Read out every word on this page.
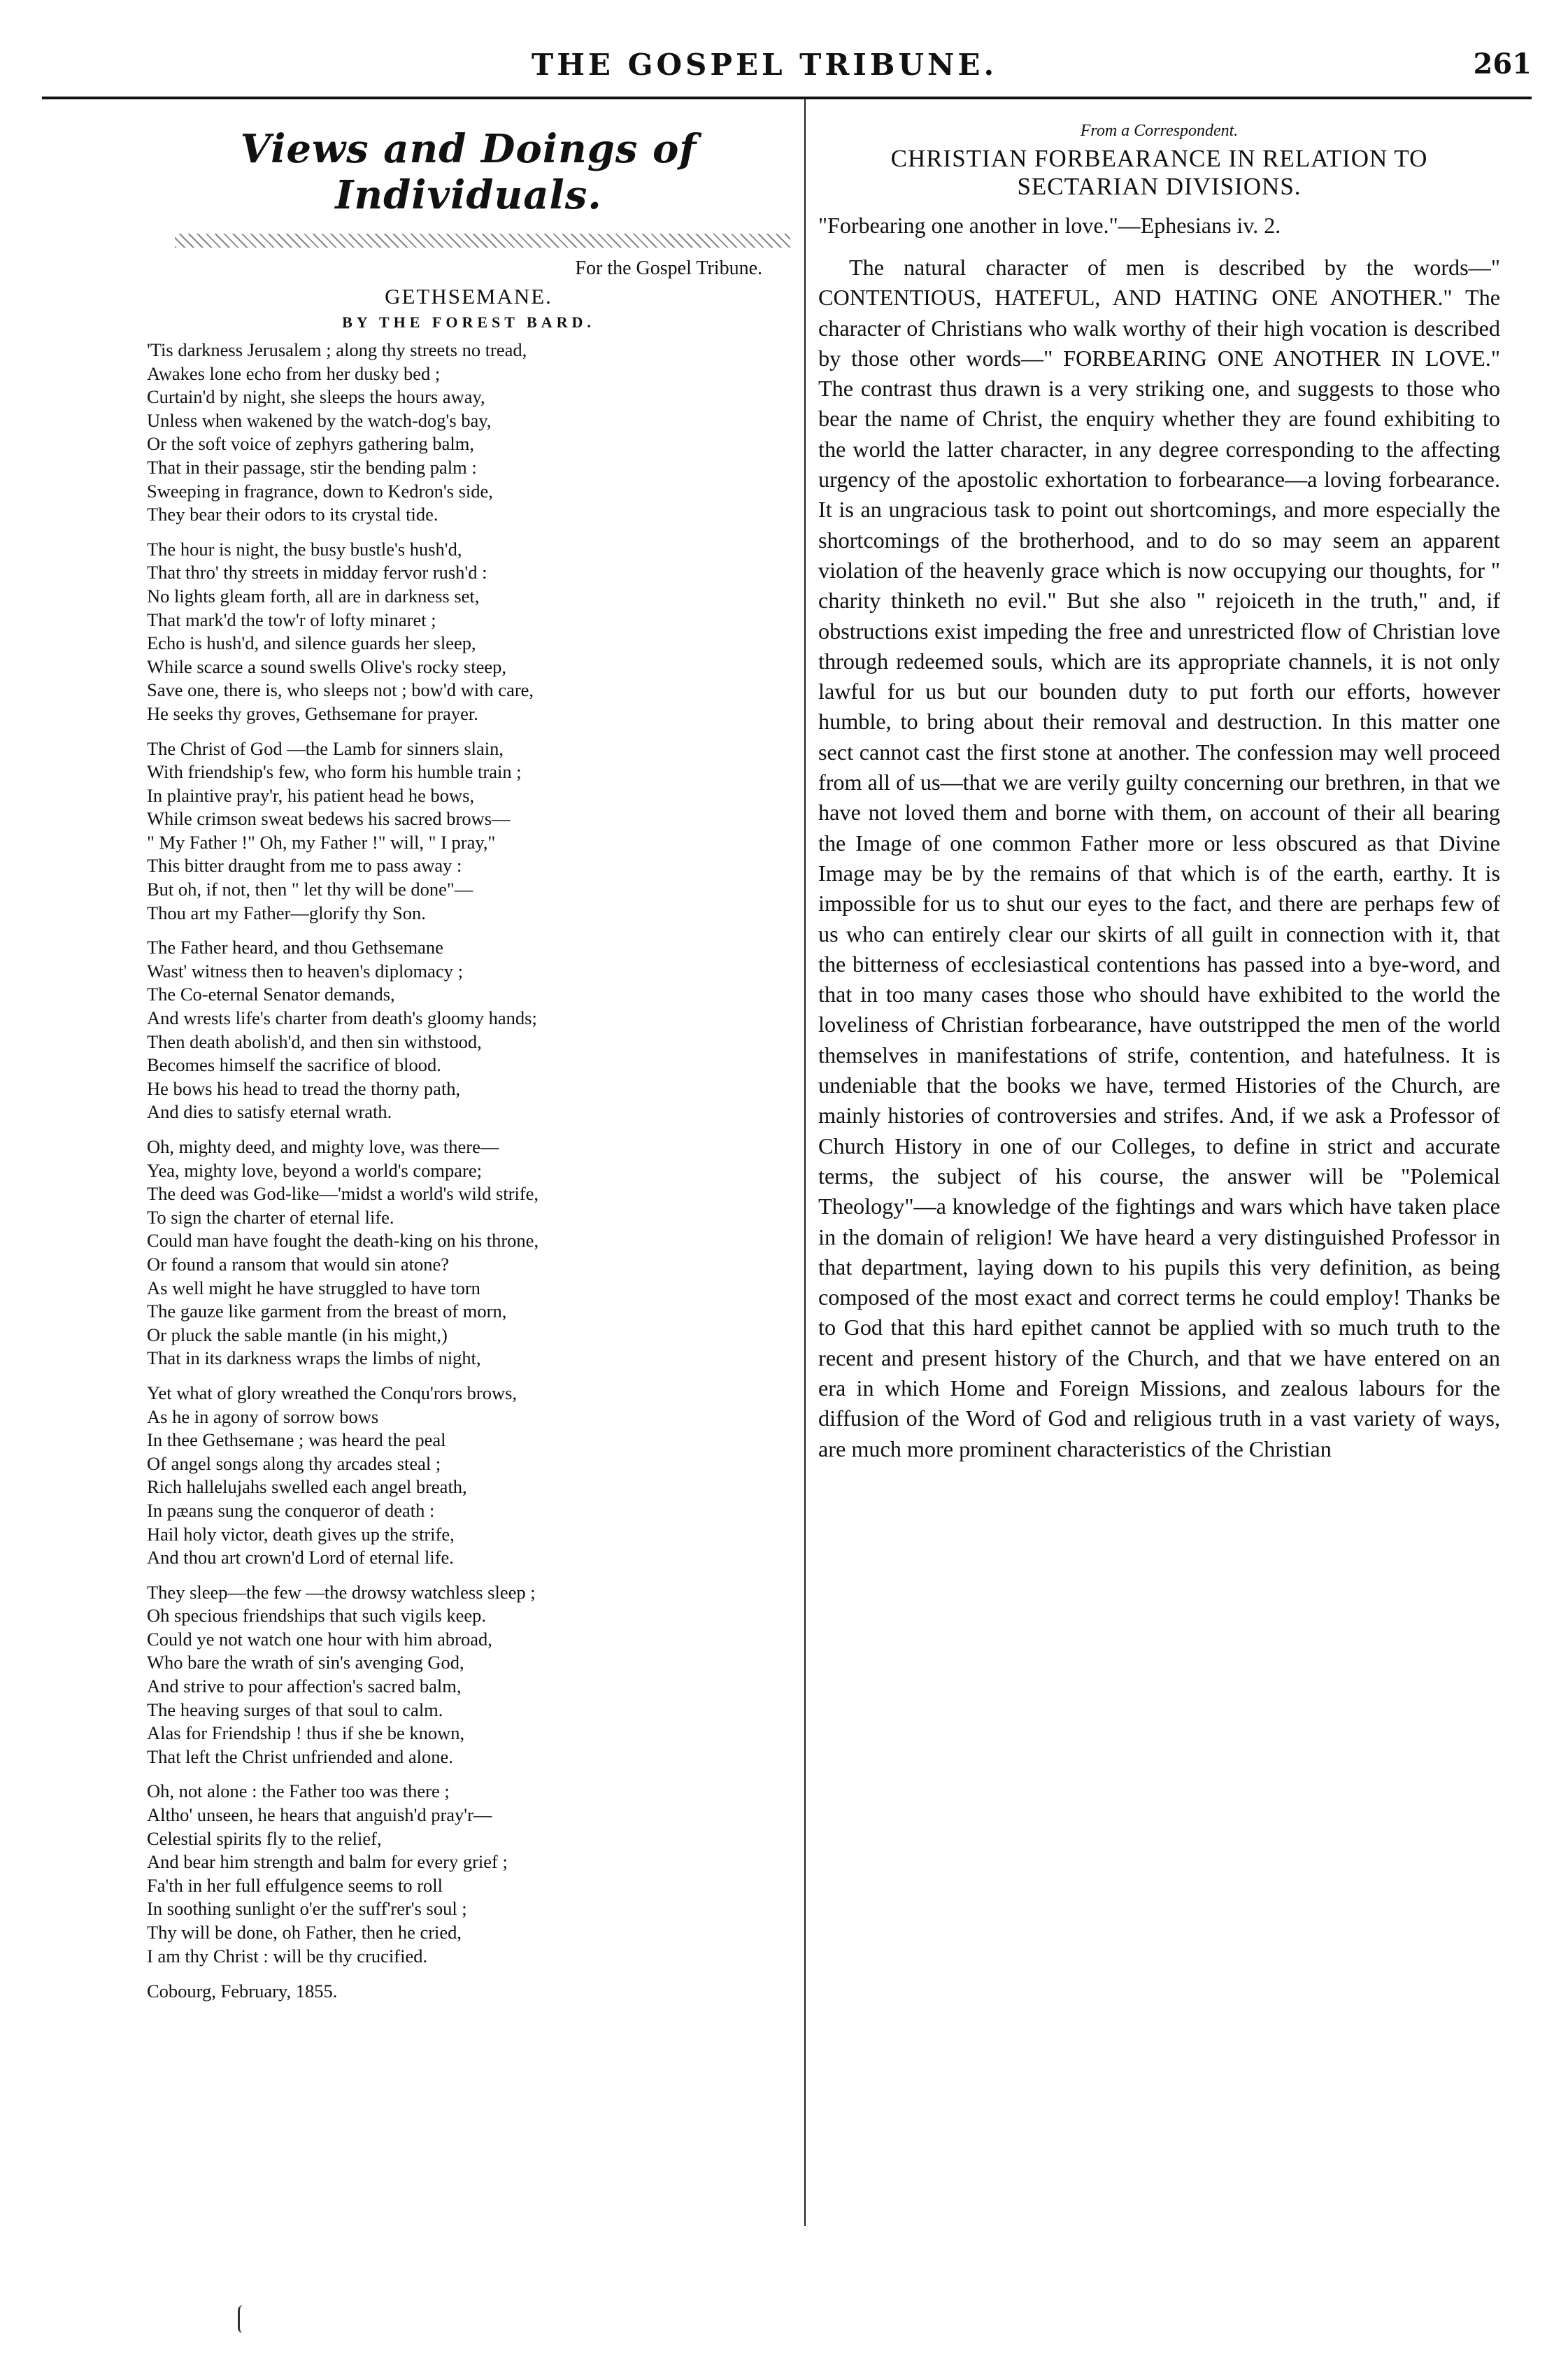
THE GOSPEL TRIBUNE.	261
Views and Doings of Individuals.
For the Gospel Tribune.
GETHSEMANE.
BY THE FOREST BARD.
'Tis darkness Jerusalem ; along thy streets no tread,
Awakes lone echo from her dusky bed ;
Curtain'd by night, she sleeps the hours away,
Unless when wakened by the watch-dog's bay,
Or the soft voice of zephyrs gathering balm,
That in their passage, stir the bending palm :
Sweeping in fragrance, down to Kedron's side,
They bear their odors to its crystal tide.
The hour is night, the busy bustle's hush'd,
That thro' thy streets in midday fervor rush'd :
No lights gleam forth, all are in darkness set,
That mark'd the tow'r of lofty minaret ;
Echo is hush'd, and silence guards her sleep,
While scarce a sound swells Olive's rocky steep,
Save one, there is, who sleeps not ; bow'd with care,
He seeks thy groves, Gethsemane for prayer.
The Christ of God —the Lamb for sinners slain,
With friendship's few, who form his humble train ;
In plaintive pray'r, his patient head he bows,
While crimson sweat bedews his sacred brows—
" My Father !" Oh, my Father !" will, " I pray,"
This bitter draught from me to pass away :
But oh, if not, then " let thy will be done"—
Thou art my Father—glorify thy Son.
The Father heard, and thou Gethsemane
Wast' witness then to heaven's diplomacy ;
The Co-eternal Senator demands,
And wrests life's charter from death's gloomy hands;
Then death abolish'd, and then sin withstood,
Becomes himself the sacrifice of blood.
He bows his head to tread the thorny path,
And dies to satisfy eternal wrath.
Oh, mighty deed, and mighty love, was there—
Yea, mighty love, beyond a world's compare;
The deed was God-like—'midst a world's wild strife,
To sign the charter of eternal life.
Could man have fought the death-king on his throne,
Or found a ransom that would sin atone?
As well might he have struggled to have torn
The gauze like garment from the breast of morn,
Or pluck the sable mantle (in his might,)
That in its darkness wraps the limbs of night,
Yet what of glory wreathed the Conqu'rors brows,
As he in agony of sorrow bows
In thee Gethsemane ; was heard the peal
Of angel songs along thy arcades steal ;
Rich hallelujahs swelled each angel breath,
In pæans sung the conqueror of death :
Hail holy victor, death gives up the strife,
And thou art crown'd Lord of eternal life.
They sleep—the few —the drowsy watchless sleep ;
Oh specious friendships that such vigils keep.
Could ye not watch one hour with him abroad,
Who bare the wrath of sin's avenging God,
And strive to pour affection's sacred balm,
The heaving surges of that soul to calm.
Alas for Friendship ! thus if she be known,
That left the Christ unfriended and alone.
Oh, not alone : the Father too was there ;
Altho' unseen, he hears that anguish'd pray'r—
Celestial spirits fly to the relief,
And bear him strength and balm for every grief ;
Fa'th in her full effulgence seems to roll
In soothing sunlight o'er the suff'rer's soul ;
Thy will be done, oh Father, then he cried,
I am thy Christ : will be thy crucified.
Cobourg, February, 1855.
From a Correspondent.
CHRISTIAN FORBEARANCE IN RELATION TO SECTARIAN DIVISIONS.
"Forbearing one another in love."—Ephesians iv. 2.

The natural character of men is described by the words—" CONTENTIOUS, HATEFUL, AND HATING ONE ANOTHER." The character of Christians who walk worthy of their high vocation is described by those other words—" FORBEARING ONE ANOTHER IN LOVE." The contrast thus drawn is a very striking one, and suggests to those who bear the name of Christ, the enquiry whether they are found exhibiting to the world the latter character, in any degree corresponding to the affecting urgency of the apostolic exhortation to forbearance—a loving forbearance. It is an ungracious task to point out shortcomings, and more especially the shortcomings of the brotherhood, and to do so may seem an apparent violation of the heavenly grace which is now occupying our thoughts, for " charity thinketh no evil." But she also " rejoiceth in the truth," and, if obstructions exist impeding the free and unrestricted flow of Christian love through redeemed souls, which are its appropriate channels, it is not only lawful for us but our bounden duty to put forth our efforts, however humble, to bring about their removal and destruction. In this matter one sect cannot cast the first stone at another. The confession may well proceed from all of us—that we are verily guilty concerning our brethren, in that we have not loved them and borne with them, on account of their all bearing the Image of one common Father more or less obscured as that Divine Image may be by the remains of that which is of the earth, earthy. It is impossible for us to shut our eyes to the fact, and there are perhaps few of us who can entirely clear our skirts of all guilt in connection with it, that the bitterness of ecclesiastical contentions has passed into a bye-word, and that in too many cases those who should have exhibited to the world the loveliness of Christian forbearance, have outstripped the men of the world themselves in manifestations of strife, contention, and hatefulness. It is undeniable that the books we have, termed Histories of the Church, are mainly histories of controversies and strifes. And, if we ask a Professor of Church History in one of our Colleges, to define in strict and accurate terms, the subject of his course, the answer will be "Polemical Theology"—a knowledge of the fightings and wars which have taken place in the domain of religion! We have heard a very distinguished Professor in that department, laying down to his pupils this very definition, as being composed of the most exact and correct terms he could employ! Thanks be to God that this hard epithet cannot be applied with so much truth to the recent and present history of the Church, and that we have entered on an era in which Home and Foreign Missions, and zealous labours for the diffusion of the Word of God and religious truth in a vast variety of ways, are much more prominent characteristics of the Christian
